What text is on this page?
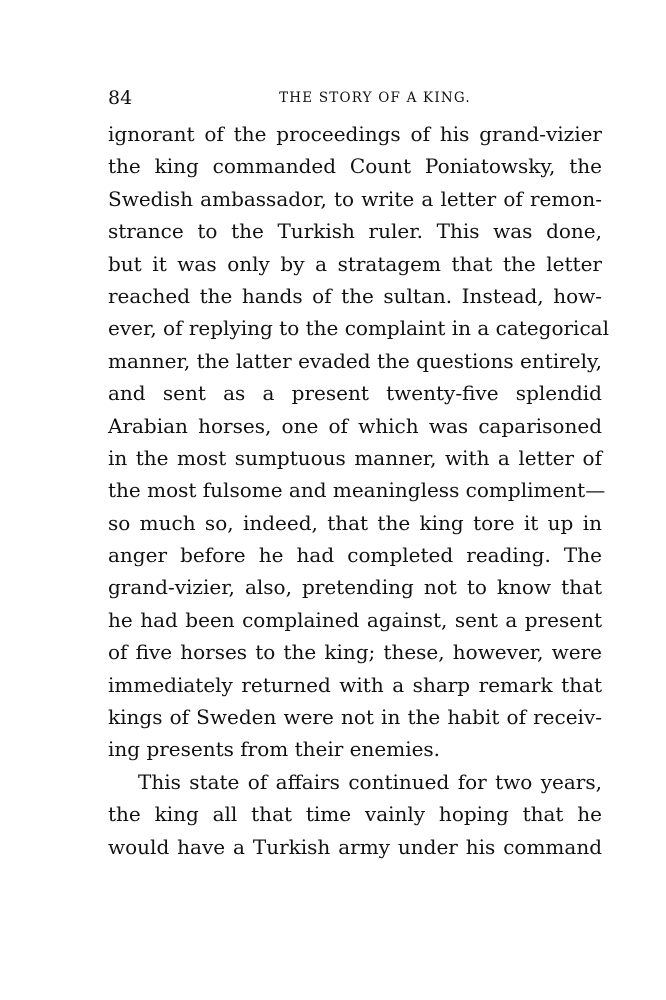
84	THE STORY OF A KING.
ignorant of the proceedings of his grand-vizier
the king commanded Count Poniatowsky, the
Swedish ambassador, to write a letter of remon-
strance to the Turkish ruler. This was done,
but it was only by a stratagem that the letter
reached the hands of the sultan. Instead, how-
ever, of replying to the complaint in a categorical
manner, the latter evaded the questions entirely,
and sent as a present twenty-five splendid
Arabian horses, one of which was caparisoned
in the most sumptuous manner, with a letter of
the most fulsome and meaningless compliment—
so much so, indeed, that the king tore it up in
anger before he had completed reading. The
grand-vizier, also, pretending not to know that
he had been complained against, sent a present
of five horses to the king; these, however, were
immediately returned with a sharp remark that
kings of Sweden were not in the habit of receiv-
ing presents from their enemies.
This state of affairs continued for two years,
the king all that time vainly hoping that he
would have a Turkish army under his command
